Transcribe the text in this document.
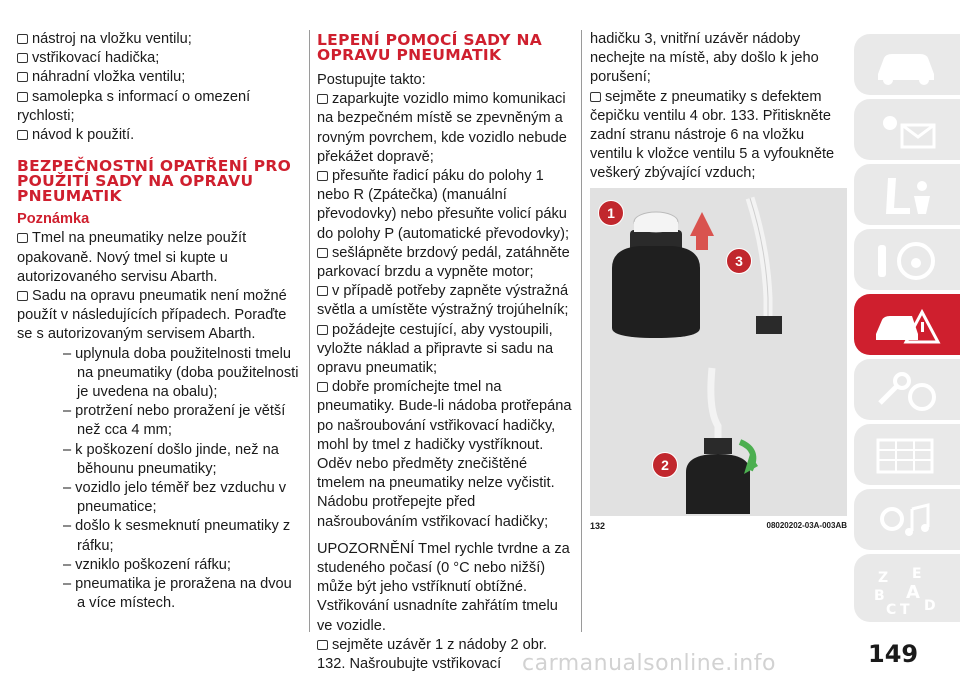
nástroj na vložku ventilu;

vstřikovací hadička;

náhradní vložka ventilu;

samolepka s informací o omezení rychlosti;

návod k použití.

BEZPEČNOSTNÍ OPATŘENÍ PRO POUŽITÍ SADY NA OPRAVU PNEUMATIK
Poznámka

Tmel na pneumatiky nelze použít opakovaně. Nový tmel si kupte u autorizovaného servisu Abarth.

Sadu na opravu pneumatik není možné použít v následujících případech. Poraďte se s autorizovaným servisem Abarth.

– uplynula doba použitelnosti tmelu na pneumatiky (doba použitelnosti je uvedena na obalu);

– protržení nebo proražení je větší než cca 4 mm;

– k poškození došlo jinde, než na běhounu pneumatiky;

– vozidlo jelo téměř bez vzduchu v pneumatice;

– došlo k sesmeknutí pneumatiky z ráfku;

– vzniklo poškození ráfku;

– pneumatika je proražena na dvou a více místech.

LEPENÍ POMOCÍ SADY NA OPRAVU PNEUMATIK

Postupujte takto:

zaparkujte vozidlo mimo komunikaci na bezpečném místě se zpevněným a rovným povrchem, kde vozidlo nebude překážet dopravě;

přesuňte řadicí páku do polohy 1 nebo R (Zpátečka) (manuální převodovky) nebo přesuňte volicí páku do polohy P (automatické převodovky);

sešlápněte brzdový pedál, zatáhněte parkovací brzdu a vypněte motor;

v případě potřeby zapněte výstražná světla a umístěte výstražný trojúhelník;

požádejte cestující, aby vystoupili, vyložte náklad a připravte si sadu na opravu pneumatik;

dobře promíchejte tmel na pneumatiky. Bude-li nádoba protřepána po našroubování vstřikovací hadičky, mohl by tmel z hadičky vystříknout. Oděv nebo předměty znečištěné tmelem na pneumatiky nelze vyčistit. Nádobu protřepejte před našroubováním vstřikovací hadičky;

UPOZORNĚNÍ Tmel rychle tvrdne a za studeného počasí (0 °C nebo nižší) může být jeho vstříknutí obtížné. Vstřikování usnadníte zahřátím tmelu ve vozidle.

sejměte uzávěr 1 z nádoby 2 obr. 132. Našroubujte vstřikovací

hadičku 3, vnitřní uzávěr nádoby nechejte na místě, aby došlo k jeho porušení;

sejměte z pneumatiky s defektem čepičku ventilu 4 obr. 133. Přitiskněte zadní stranu nástroje 6 na vložku ventilu k vložce ventilu 5 a vyfoukněte veškerý zbývající vzduch;

1
2
3
132	08020202-03A-003AB
Z E
B A
C T D
149
carmanualsonline.info
